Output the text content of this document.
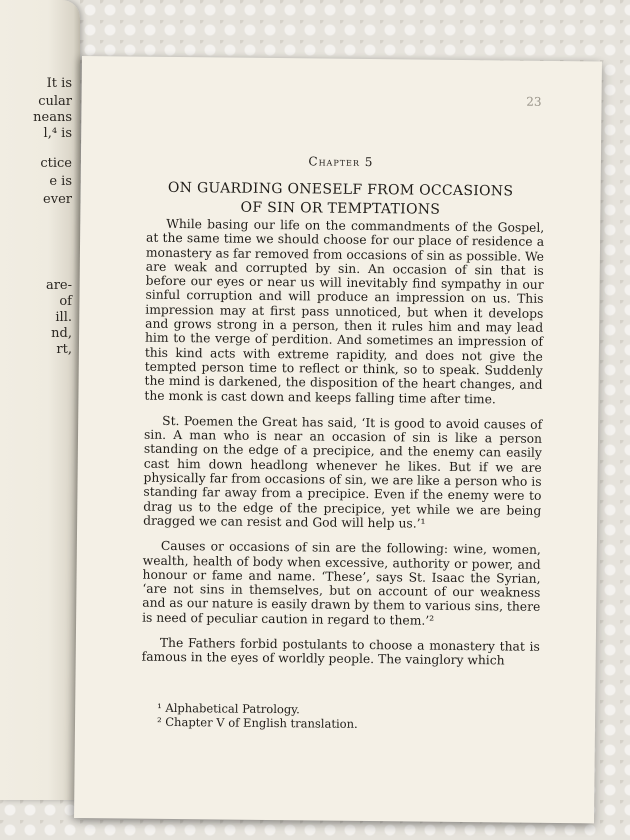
It is
cular
neans
l,⁴ is
ctice
e is
ever
are-
of
ill.
nd,
rt,
23
Chapter 5
ON GUARDING ONESELF FROM OCCASIONS
OF SIN OR TEMPTATIONS

While basing our life on the commandments of the Gospel, at the same time we should choose for our place of residence a monastery as far removed from occasions of sin as possible. We are weak and corrupted by sin. An occasion of sin that is before our eyes or near us will inevitably find sympathy in our sinful corruption and will produce an impression on us. This impression may at first pass unnoticed, but when it develops and grows strong in a person, then it rules him and may lead him to the verge of perdition. And sometimes an impression of this kind acts with extreme rapidity, and does not give the tempted person time to reflect or think, so to speak. Suddenly the mind is darkened, the disposition of the heart changes, and the monk is cast down and keeps falling time after time.

St. Poemen the Great has said, ‘It is good to avoid causes of sin. A man who is near an occasion of sin is like a person standing on the edge of a precipice, and the enemy can easily cast him down headlong whenever he likes. But if we are physically far from occasions of sin, we are like a person who is standing far away from a precipice. Even if the enemy were to drag us to the edge of the precipice, yet while we are being dragged we can resist and God will help us.’¹

Causes or occasions of sin are the following: wine, women, wealth, health of body when excessive, authority or power, and honour or fame and name. ‘These’, says St. Isaac the Syrian, ‘are not sins in themselves, but on account of our weakness and as our nature is easily drawn by them to various sins, there is need of peculiar caution in regard to them.’²

The Fathers forbid postulants to choose a monastery that is famous in the eyes of worldly people. The vainglory which

¹ Alphabetical Patrology.
² Chapter V of English translation.
